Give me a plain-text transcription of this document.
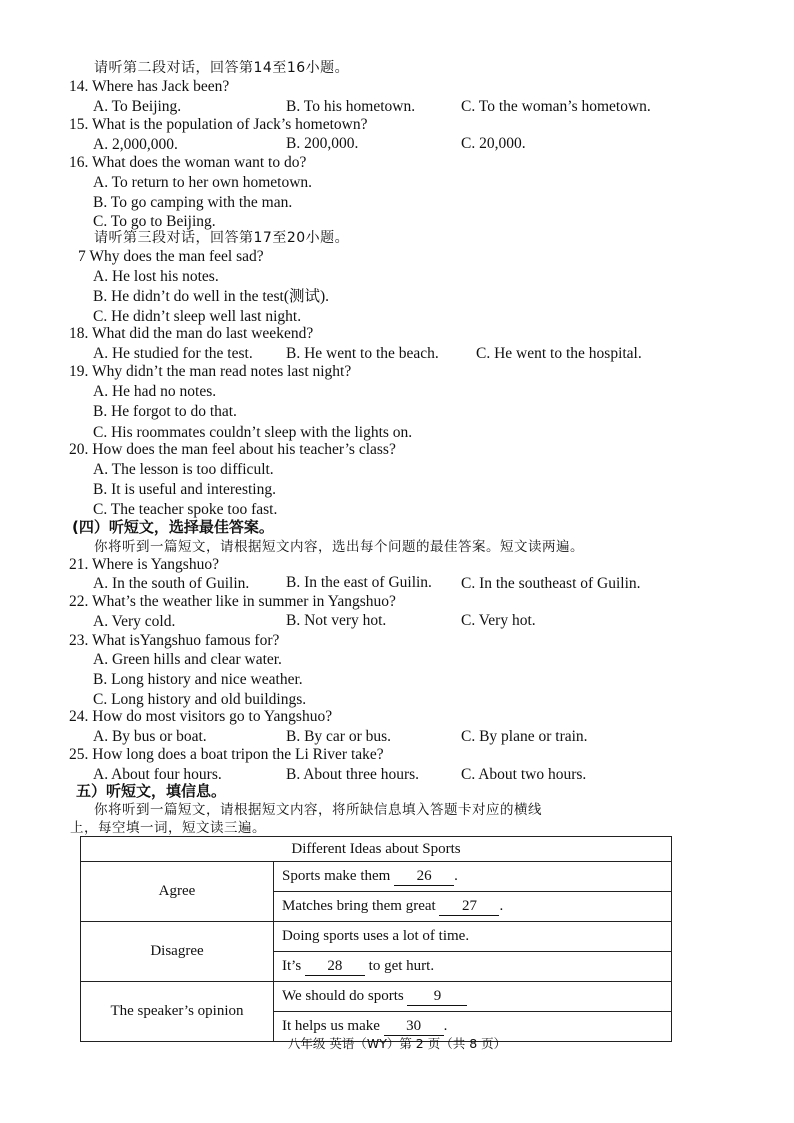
请听第二段对话，回答第14至16小题。
14. Where has Jack been?
A. To Beijing.	B. To his hometown.	C. To the woman’s hometown.
15. What is the population of Jack’s hometown?
A. 2,000,000.	B. 200,000.	C. 20,000.
16. What does the woman want to do?
A. To return to her own hometown.
B. To go camping with the man.
C. To go to Beijing.
请听第三段对话，回答第17至20小题。
7 Why does the man feel sad?
A. He lost his notes.
B. He didn’t do well in the test(测试).
C. He didn’t sleep well last night.
18. What did the man do last weekend?
A. He studied for the test. B. He went to the beach. C. He went to the hospital.
19. Why didn’t the man read notes last night?
A. He had no notes.
B. He forgot to do that.
C. His roommates couldn’t sleep with the lights on.
20. How does the man feel about his teacher’s class?
A. The lesson is too difficult.
B. It is useful and interesting.
C. The teacher spoke too fast.
(四）听短文，选择最佳答案。
你将听到一篇短文，请根据短文内容，选出每个问题的最佳答案。短文读两遍。
21. Where is Yangshuo?
A. In the south of Guilin. B. In the east of Guilin. C. In the southeast of Guilin.
22. What’s the weather like in summer in Yangshuo?
A. Very cold.	B. Not very hot.	C. Very hot.
23. What isYangshuo famous for?
A. Green hills and clear water.
B. Long history and nice weather.
C. Long history and old buildings.
24. How do most visitors go to Yangshuo?
A. By bus or boat.	B. By car or bus.	C. By plane or train.
25. How long does a boat tripon the Li River take?
A. About four hours.	B. About three hours.	C. About two hours.
五）听短文，填信息。
你将听到一篇短文，请根据短文内容，将所缺信息填入答题卡对应的横线
上，每空填一词，短文读三遍。
Different Ideas about Sports	
Agree	Sports make them 26 .
	Matches bring them great 27 .
Disagree	Doing sports uses a lot of time.
	It’s 28 to get hurt.
The speaker’s opinion	We should do sports 9
	It helps us make 30 .
八年级 英语（WY）第 2 页（共 8 页）
